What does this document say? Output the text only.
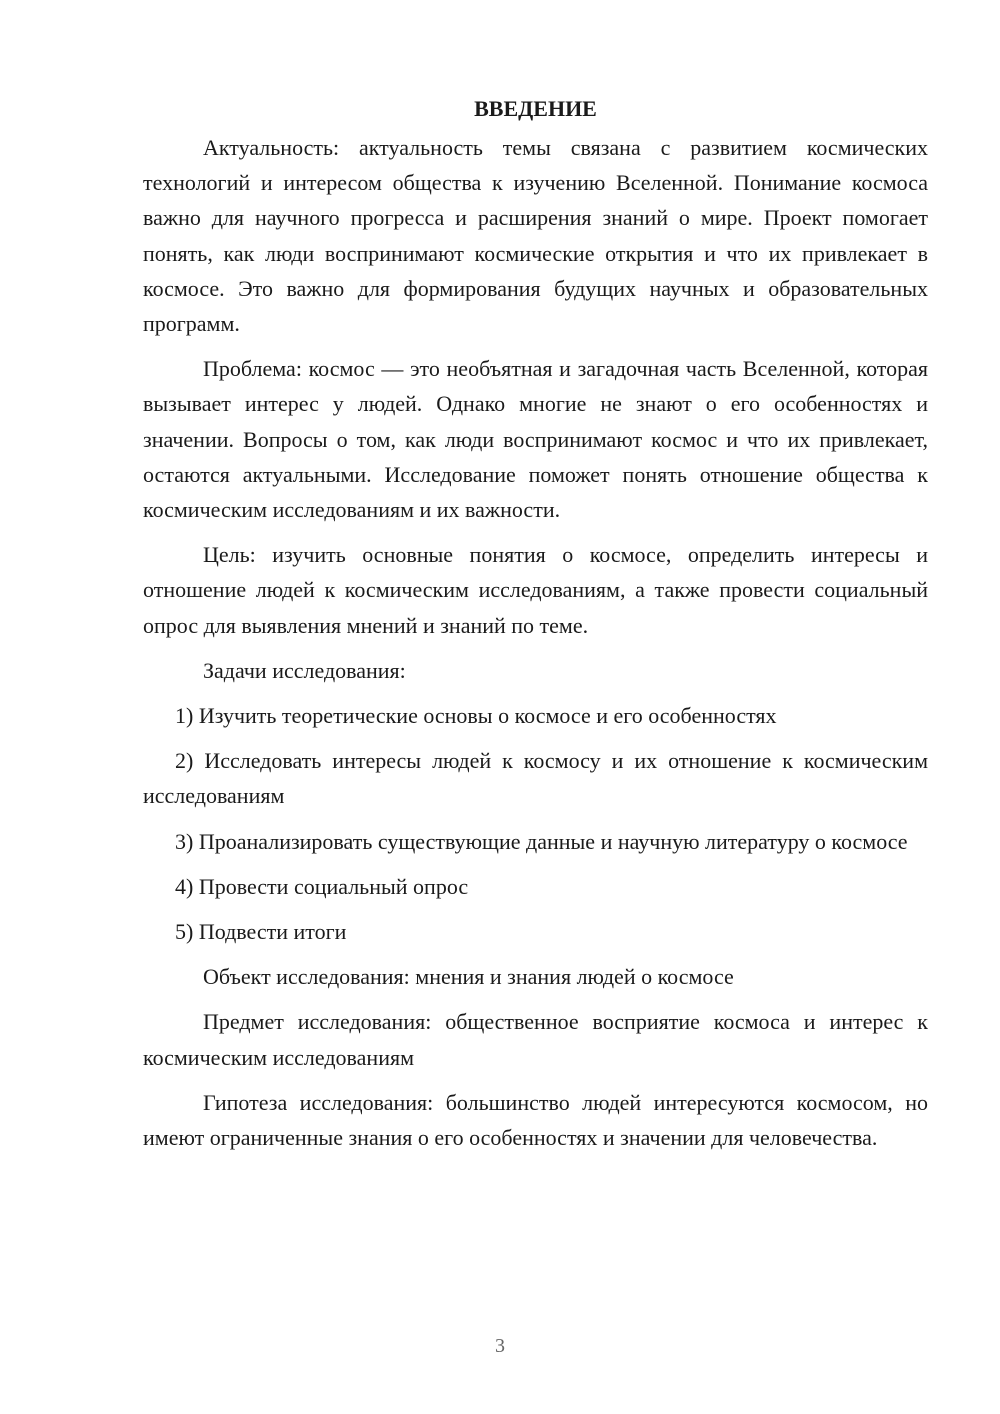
ВВЕДЕНИЕ

Актуальность: актуальность темы связана с развитием космических технологий и интересом общества к изучению Вселенной. Понимание космоса важно для научного прогресса и расширения знаний о мире. Проект помогает понять, как люди воспринимают космические открытия и что их привлекает в космосе. Это важно для формирования будущих научных и образовательных программ.

Проблема: космос — это необъятная и загадочная часть Вселенной, которая вызывает интерес у людей. Однако многие не знают о его особенностях и значении. Вопросы о том, как люди воспринимают космос и что их привлекает, остаются актуальными. Исследование поможет понять отношение общества к космическим исследованиям и их важности.

Цель: изучить основные понятия о космосе, определить интересы и отношение людей к космическим исследованиям, а также провести социальный опрос для выявления мнений и знаний по теме.

Задачи исследования:

1) Изучить теоретические основы о космосе и его особенностях

2) Исследовать интересы людей к космосу и их отношение к космическим исследованиям

3) Проанализировать существующие данные и научную литературу о космосе

4) Провести социальный опрос

5) Подвести итоги

Объект исследования: мнения и знания людей о космосе

Предмет исследования: общественное восприятие космоса и интерес к космическим исследованиям

Гипотеза исследования: большинство людей интересуются космосом, но имеют ограниченные знания о его особенностях и значении для человечества.

3
